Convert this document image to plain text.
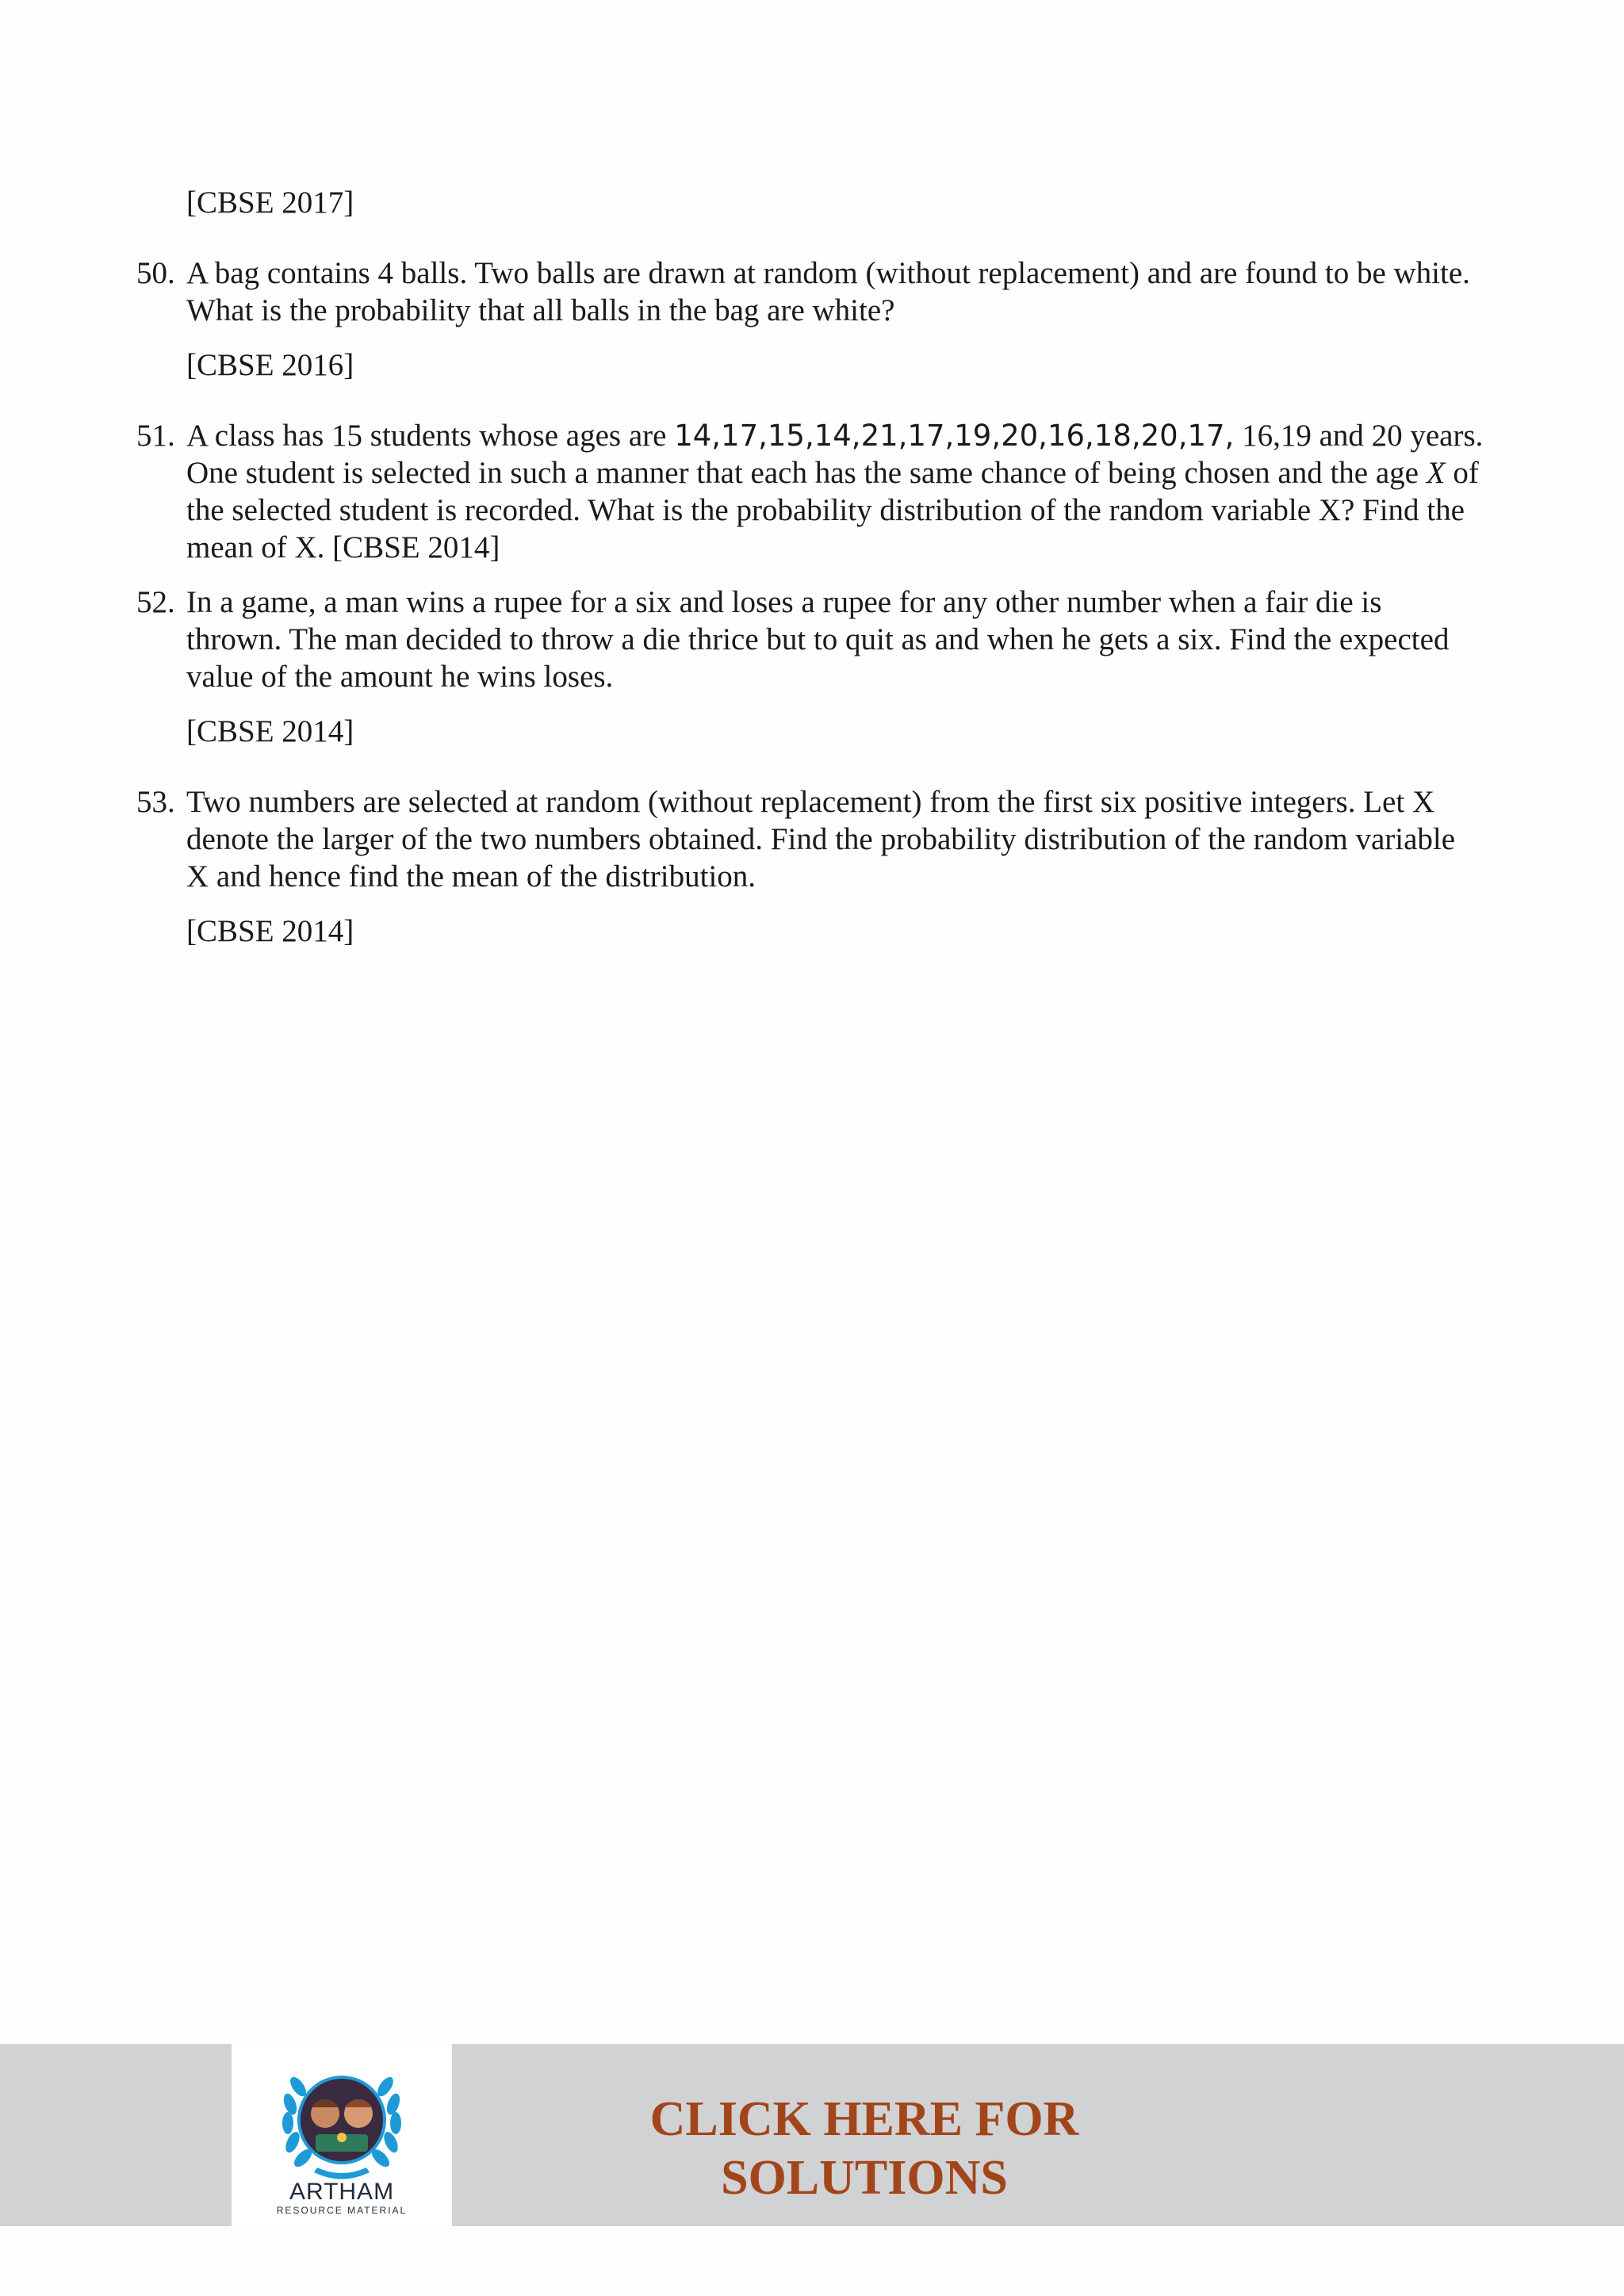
[CBSE 2017]
50. A bag contains 4 balls. Two balls are drawn at random (without replacement) and are found to be white. What is the probability that all balls in the bag are white?
[CBSE 2016]
51. A class has 15 students whose ages are 14,17,15,14,21,17,19,20,16,18,20,17, 16,19 and 20 years. One student is selected in such a manner that each has the same chance of being chosen and the age X of the selected student is recorded. What is the probability distribution of the random variable X? Find the mean of X. [CBSE 2014]
52. In a game, a man wins a rupee for a six and loses a rupee for any other number when a fair die is thrown. The man decided to throw a die thrice but to quit as and when he gets a six. Find the expected value of the amount he wins loses.
[CBSE 2014]
53. Two numbers are selected at random (without replacement) from the first six positive integers. Let X denote the larger of the two numbers obtained. Find the probability distribution of the random variable X and hence find the mean of the distribution.
[CBSE 2014]
ARTHAM
RESOURCE MATERIAL
CLICK HERE FOR
SOLUTIONS
